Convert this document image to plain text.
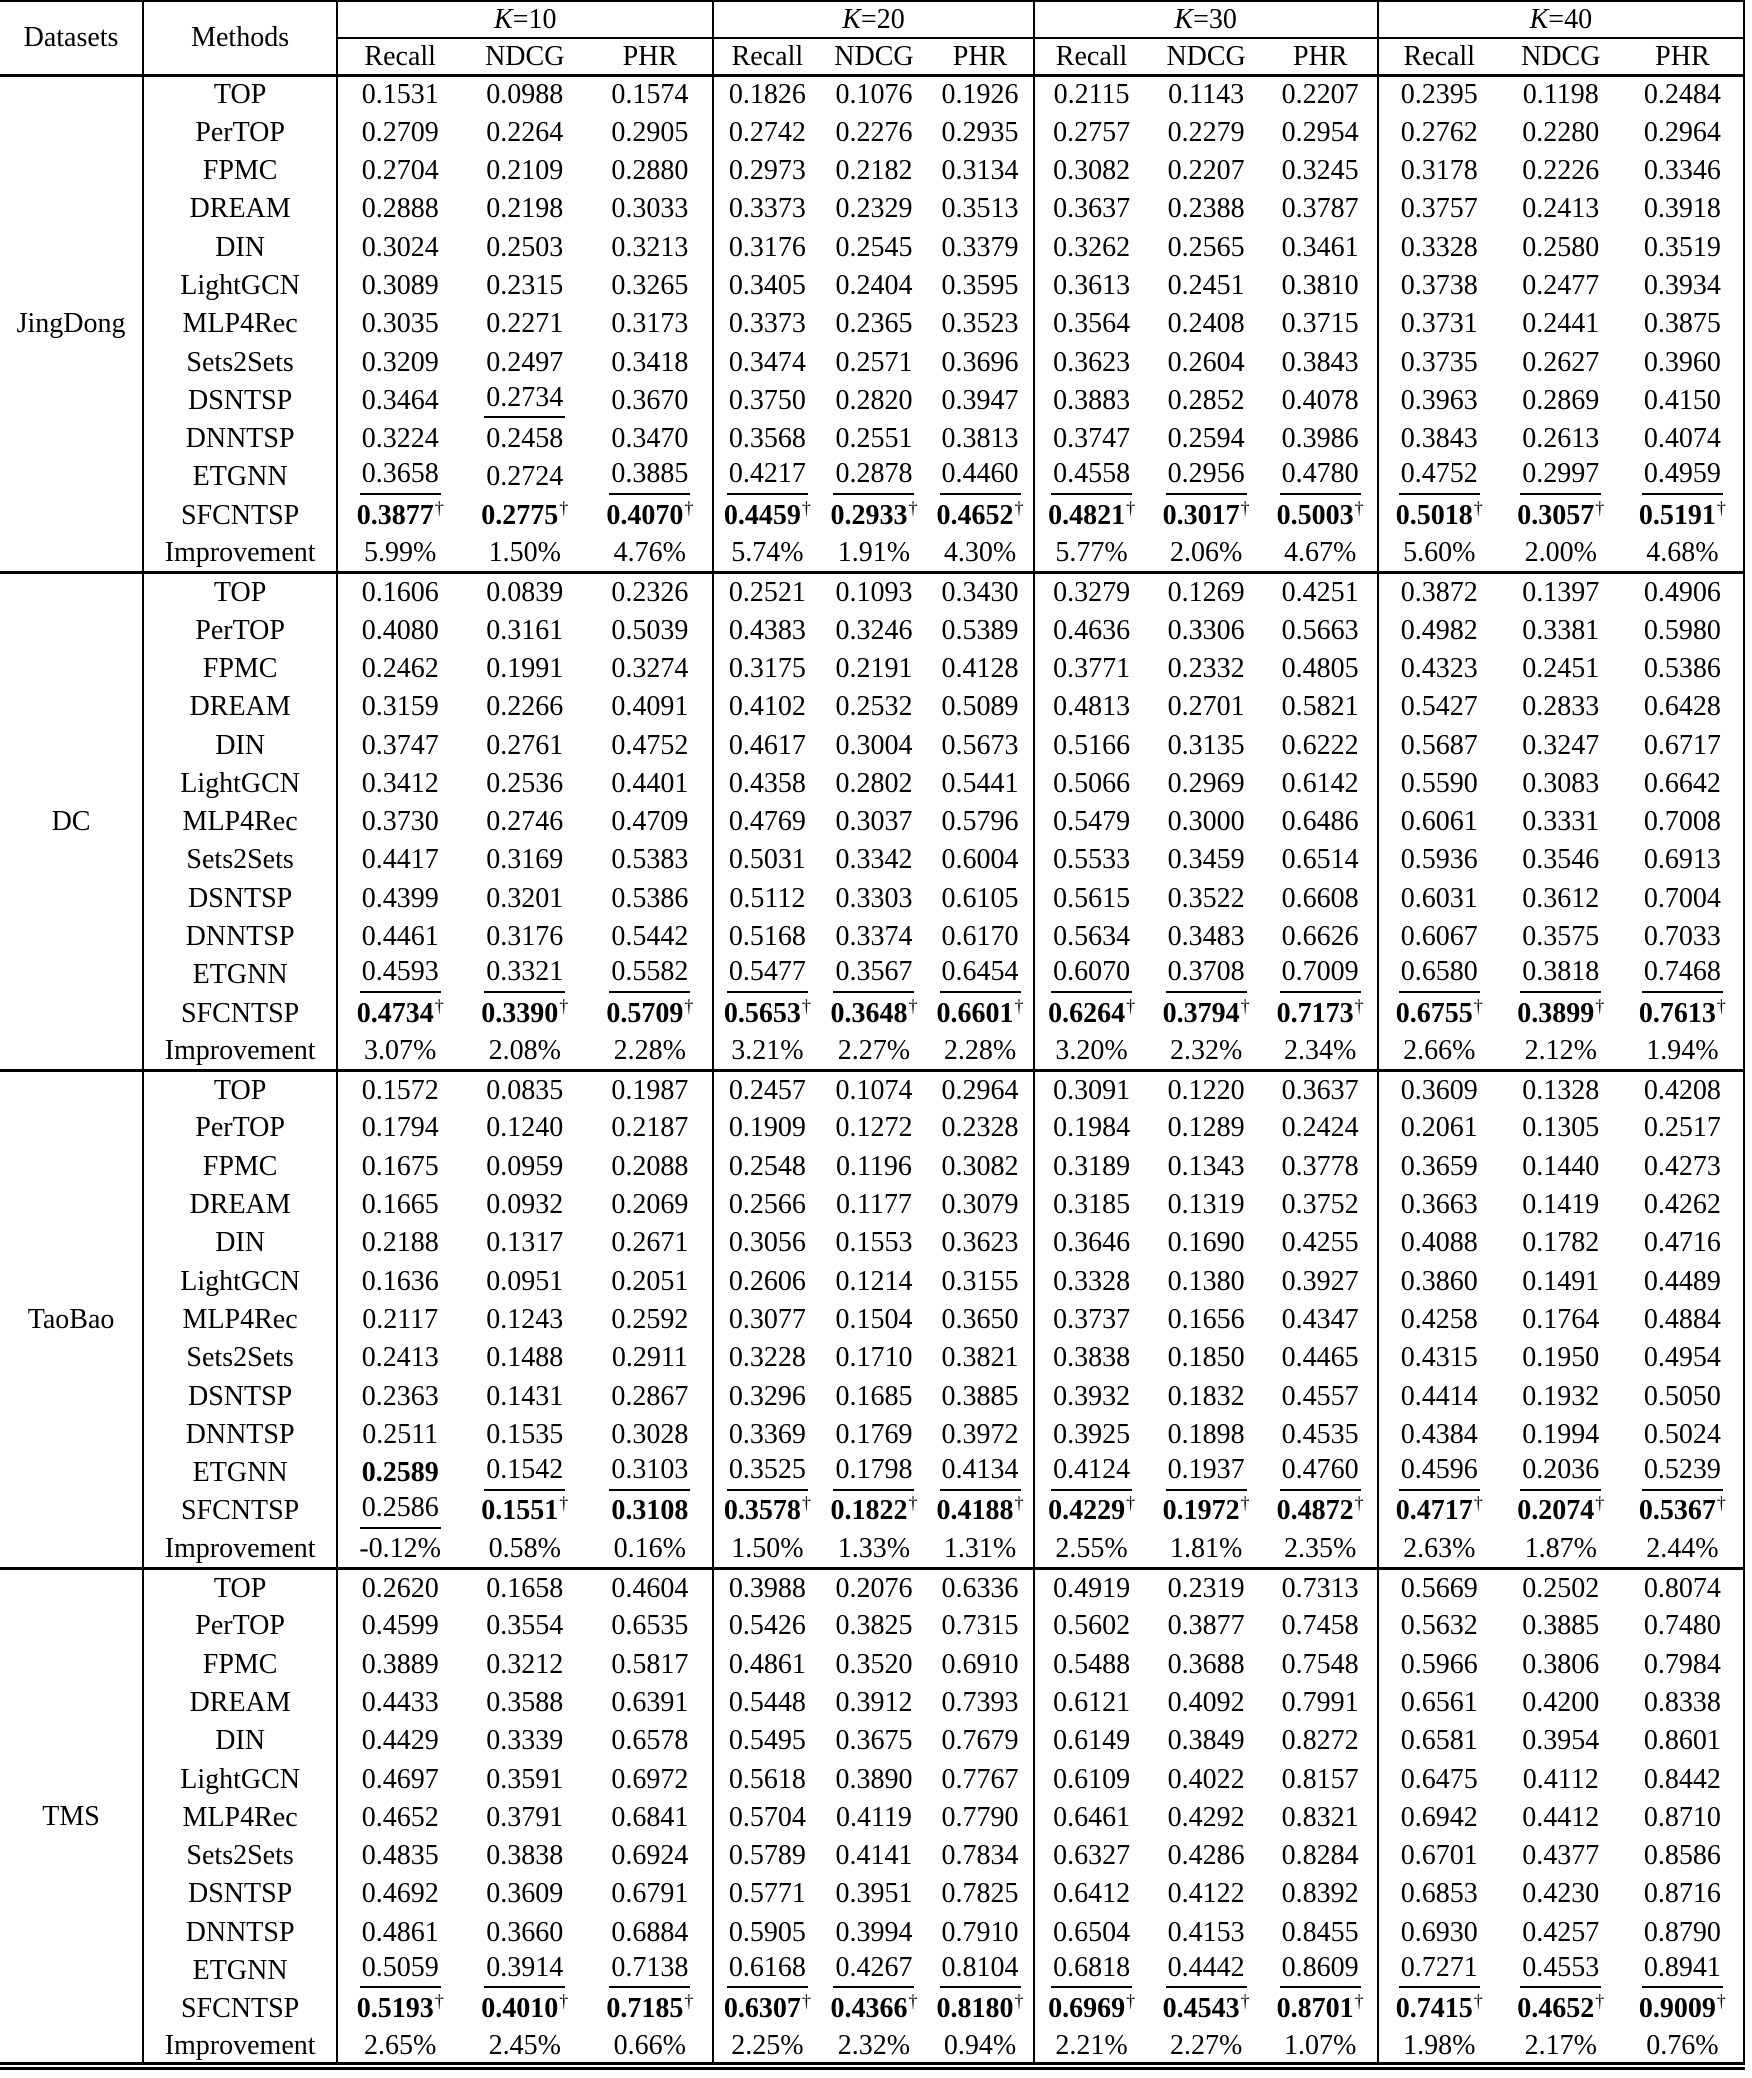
Datasets	Methods	K=10			K=20			K=30			K=40		
		Recall	NDCG	PHR	Recall	NDCG	PHR	Recall	NDCG	PHR	Recall	NDCG	PHR
JingDong	TOP	0.1531	0.0988	0.1574	0.1826	0.1076	0.1926	0.2115	0.1143	0.2207	0.2395	0.1198	0.2484
	PerTOP	0.2709	0.2264	0.2905	0.2742	0.2276	0.2935	0.2757	0.2279	0.2954	0.2762	0.2280	0.2964
	FPMC	0.2704	0.2109	0.2880	0.2973	0.2182	0.3134	0.3082	0.2207	0.3245	0.3178	0.2226	0.3346
	DREAM	0.2888	0.2198	0.3033	0.3373	0.2329	0.3513	0.3637	0.2388	0.3787	0.3757	0.2413	0.3918
	DIN	0.3024	0.2503	0.3213	0.3176	0.2545	0.3379	0.3262	0.2565	0.3461	0.3328	0.2580	0.3519
	LightGCN	0.3089	0.2315	0.3265	0.3405	0.2404	0.3595	0.3613	0.2451	0.3810	0.3738	0.2477	0.3934
	MLP4Rec	0.3035	0.2271	0.3173	0.3373	0.2365	0.3523	0.3564	0.2408	0.3715	0.3731	0.2441	0.3875
	Sets2Sets	0.3209	0.2497	0.3418	0.3474	0.2571	0.3696	0.3623	0.2604	0.3843	0.3735	0.2627	0.3960
	DSNTSP	0.3464	0.2734	0.3670	0.3750	0.2820	0.3947	0.3883	0.2852	0.4078	0.3963	0.2869	0.4150
	DNNTSP	0.3224	0.2458	0.3470	0.3568	0.2551	0.3813	0.3747	0.2594	0.3986	0.3843	0.2613	0.4074
	ETGNN	0.3658	0.2724	0.3885	0.4217	0.2878	0.4460	0.4558	0.2956	0.4780	0.4752	0.2997	0.4959
	SFCNTSP	0.3877†	0.2775†	0.4070†	0.4459†	0.2933†	0.4652†	0.4821†	0.3017†	0.5003†	0.5018†	0.3057†	0.5191†
	Improvement	5.99%	1.50%	4.76%	5.74%	1.91%	4.30%	5.77%	2.06%	4.67%	5.60%	2.00%	4.68%
DC	TOP	0.1606	0.0839	0.2326	0.2521	0.1093	0.3430	0.3279	0.1269	0.4251	0.3872	0.1397	0.4906
	PerTOP	0.4080	0.3161	0.5039	0.4383	0.3246	0.5389	0.4636	0.3306	0.5663	0.4982	0.3381	0.5980
	FPMC	0.2462	0.1991	0.3274	0.3175	0.2191	0.4128	0.3771	0.2332	0.4805	0.4323	0.2451	0.5386
	DREAM	0.3159	0.2266	0.4091	0.4102	0.2532	0.5089	0.4813	0.2701	0.5821	0.5427	0.2833	0.6428
	DIN	0.3747	0.2761	0.4752	0.4617	0.3004	0.5673	0.5166	0.3135	0.6222	0.5687	0.3247	0.6717
	LightGCN	0.3412	0.2536	0.4401	0.4358	0.2802	0.5441	0.5066	0.2969	0.6142	0.5590	0.3083	0.6642
	MLP4Rec	0.3730	0.2746	0.4709	0.4769	0.3037	0.5796	0.5479	0.3000	0.6486	0.6061	0.3331	0.7008
	Sets2Sets	0.4417	0.3169	0.5383	0.5031	0.3342	0.6004	0.5533	0.3459	0.6514	0.5936	0.3546	0.6913
	DSNTSP	0.4399	0.3201	0.5386	0.5112	0.3303	0.6105	0.5615	0.3522	0.6608	0.6031	0.3612	0.7004
	DNNTSP	0.4461	0.3176	0.5442	0.5168	0.3374	0.6170	0.5634	0.3483	0.6626	0.6067	0.3575	0.7033
	ETGNN	0.4593	0.3321	0.5582	0.5477	0.3567	0.6454	0.6070	0.3708	0.7009	0.6580	0.3818	0.7468
	SFCNTSP	0.4734†	0.3390†	0.5709†	0.5653†	0.3648†	0.6601†	0.6264†	0.3794†	0.7173†	0.6755†	0.3899†	0.7613†
	Improvement	3.07%	2.08%	2.28%	3.21%	2.27%	2.28%	3.20%	2.32%	2.34%	2.66%	2.12%	1.94%
TaoBao	TOP	0.1572	0.0835	0.1987	0.2457	0.1074	0.2964	0.3091	0.1220	0.3637	0.3609	0.1328	0.4208
	PerTOP	0.1794	0.1240	0.2187	0.1909	0.1272	0.2328	0.1984	0.1289	0.2424	0.2061	0.1305	0.2517
	FPMC	0.1675	0.0959	0.2088	0.2548	0.1196	0.3082	0.3189	0.1343	0.3778	0.3659	0.1440	0.4273
	DREAM	0.1665	0.0932	0.2069	0.2566	0.1177	0.3079	0.3185	0.1319	0.3752	0.3663	0.1419	0.4262
	DIN	0.2188	0.1317	0.2671	0.3056	0.1553	0.3623	0.3646	0.1690	0.4255	0.4088	0.1782	0.4716
	LightGCN	0.1636	0.0951	0.2051	0.2606	0.1214	0.3155	0.3328	0.1380	0.3927	0.3860	0.1491	0.4489
	MLP4Rec	0.2117	0.1243	0.2592	0.3077	0.1504	0.3650	0.3737	0.1656	0.4347	0.4258	0.1764	0.4884
	Sets2Sets	0.2413	0.1488	0.2911	0.3228	0.1710	0.3821	0.3838	0.1850	0.4465	0.4315	0.1950	0.4954
	DSNTSP	0.2363	0.1431	0.2867	0.3296	0.1685	0.3885	0.3932	0.1832	0.4557	0.4414	0.1932	0.5050
	DNNTSP	0.2511	0.1535	0.3028	0.3369	0.1769	0.3972	0.3925	0.1898	0.4535	0.4384	0.1994	0.5024
	ETGNN	0.2589	0.1542	0.3103	0.3525	0.1798	0.4134	0.4124	0.1937	0.4760	0.4596	0.2036	0.5239
	SFCNTSP	0.2586	0.1551†	0.3108	0.3578†	0.1822†	0.4188†	0.4229†	0.1972†	0.4872†	0.4717†	0.2074†	0.5367†
	Improvement	-0.12%	0.58%	0.16%	1.50%	1.33%	1.31%	2.55%	1.81%	2.35%	2.63%	1.87%	2.44%
TMS	TOP	0.2620	0.1658	0.4604	0.3988	0.2076	0.6336	0.4919	0.2319	0.7313	0.5669	0.2502	0.8074
	PerTOP	0.4599	0.3554	0.6535	0.5426	0.3825	0.7315	0.5602	0.3877	0.7458	0.5632	0.3885	0.7480
	FPMC	0.3889	0.3212	0.5817	0.4861	0.3520	0.6910	0.5488	0.3688	0.7548	0.5966	0.3806	0.7984
	DREAM	0.4433	0.3588	0.6391	0.5448	0.3912	0.7393	0.6121	0.4092	0.7991	0.6561	0.4200	0.8338
	DIN	0.4429	0.3339	0.6578	0.5495	0.3675	0.7679	0.6149	0.3849	0.8272	0.6581	0.3954	0.8601
	LightGCN	0.4697	0.3591	0.6972	0.5618	0.3890	0.7767	0.6109	0.4022	0.8157	0.6475	0.4112	0.8442
	MLP4Rec	0.4652	0.3791	0.6841	0.5704	0.4119	0.7790	0.6461	0.4292	0.8321	0.6942	0.4412	0.8710
	Sets2Sets	0.4835	0.3838	0.6924	0.5789	0.4141	0.7834	0.6327	0.4286	0.8284	0.6701	0.4377	0.8586
	DSNTSP	0.4692	0.3609	0.6791	0.5771	0.3951	0.7825	0.6412	0.4122	0.8392	0.6853	0.4230	0.8716
	DNNTSP	0.4861	0.3660	0.6884	0.5905	0.3994	0.7910	0.6504	0.4153	0.8455	0.6930	0.4257	0.8790
	ETGNN	0.5059	0.3914	0.7138	0.6168	0.4267	0.8104	0.6818	0.4442	0.8609	0.7271	0.4553	0.8941
	SFCNTSP	0.5193†	0.4010†	0.7185†	0.6307†	0.4366†	0.8180†	0.6969†	0.4543†	0.8701†	0.7415†	0.4652†	0.9009†
	Improvement	2.65%	2.45%	0.66%	2.25%	2.32%	0.94%	2.21%	2.27%	1.07%	1.98%	2.17%	0.76%
